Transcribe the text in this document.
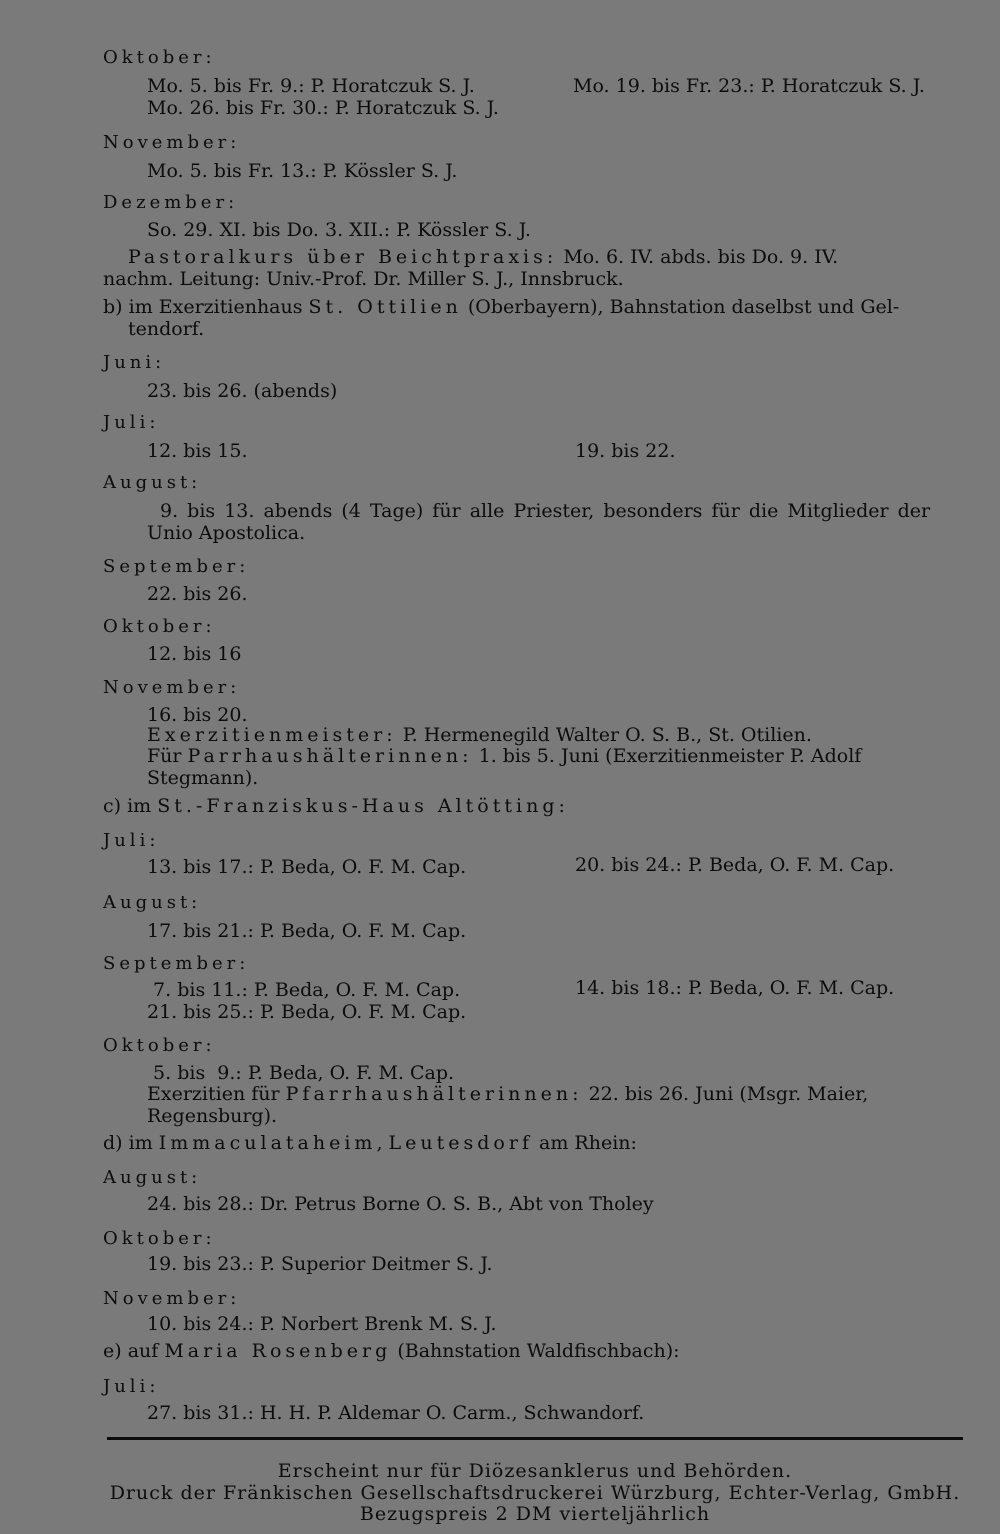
Oktober:
Mo. 5. bis Fr. 9.: P. Horatczuk S. J.	Mo. 19. bis Fr. 23.: P. Horatczuk S. J.
Mo. 26. bis Fr. 30.: P. Horatczuk S. J.
November:
Mo. 5. bis Fr. 13.: P. Kössler S. J.
Dezember:
So. 29. XI. bis Do. 3. XII.: P. Kössler S. J.
Pastoralkurs über Beichtpraxis: Mo. 6. IV. abds. bis Do. 9. IV.
nachm. Leitung: Univ.-Prof. Dr. Miller S. J., Innsbruck.
b) im Exerzitienhaus St. Ottilien (Oberbayern), Bahnstation daselbst und Gel-
tendorf.
Juni:
23. bis 26. (abends)
Juli:
12. bis 15.	19. bis 22.
August:
9. bis 13. abends (4 Tage) für alle Priester, besonders für die Mitglieder der
Unio Apostolica.
September:
22. bis 26.
Oktober:
12. bis 16
November:
16. bis 20.
Exerzitienmeister: P. Hermenegild Walter O. S. B., St. Otilien.
Für Parrhaushälterinnen: 1. bis 5. Juni (Exerzitienmeister P. Adolf
Stegmann).
c) im St.-Franziskus-Haus Altötting:
Juli:
13. bis 17.: P. Beda, O. F. M. Cap.	20. bis 24.: P. Beda, O. F. M. Cap.
August:
17. bis 21.: P. Beda, O. F. M. Cap.
September:
7. bis 11.: P. Beda, O. F. M. Cap.	14. bis 18.: P. Beda, O. F. M. Cap.
21. bis 25.: P. Beda, O. F. M. Cap.
Oktober:
5. bis  9.: P. Beda, O. F. M. Cap.
Exerzitien für Pfarrhaushälterinnen: 22. bis 26. Juni (Msgr. Maier,
Regensburg).
d) im Immaculataheim, Leutesdorf am Rhein:
August:
24. bis 28.: Dr. Petrus Borne O. S. B., Abt von Tholey
Oktober:
19. bis 23.: P. Superior Deitmer S. J.
November:
10. bis 24.: P. Norbert Brenk M. S. J.
e) auf Maria Rosenberg (Bahnstation Waldfischbach):
Juli:
27. bis 31.: H. H. P. Aldemar O. Carm., Schwandorf.
Erscheint nur für Diözesanklerus und Behörden.
Druck der Fränkischen Gesellschaftsdruckerei Würzburg, Echter-Verlag, GmbH.
Bezugspreis 2 DM vierteljährlich
